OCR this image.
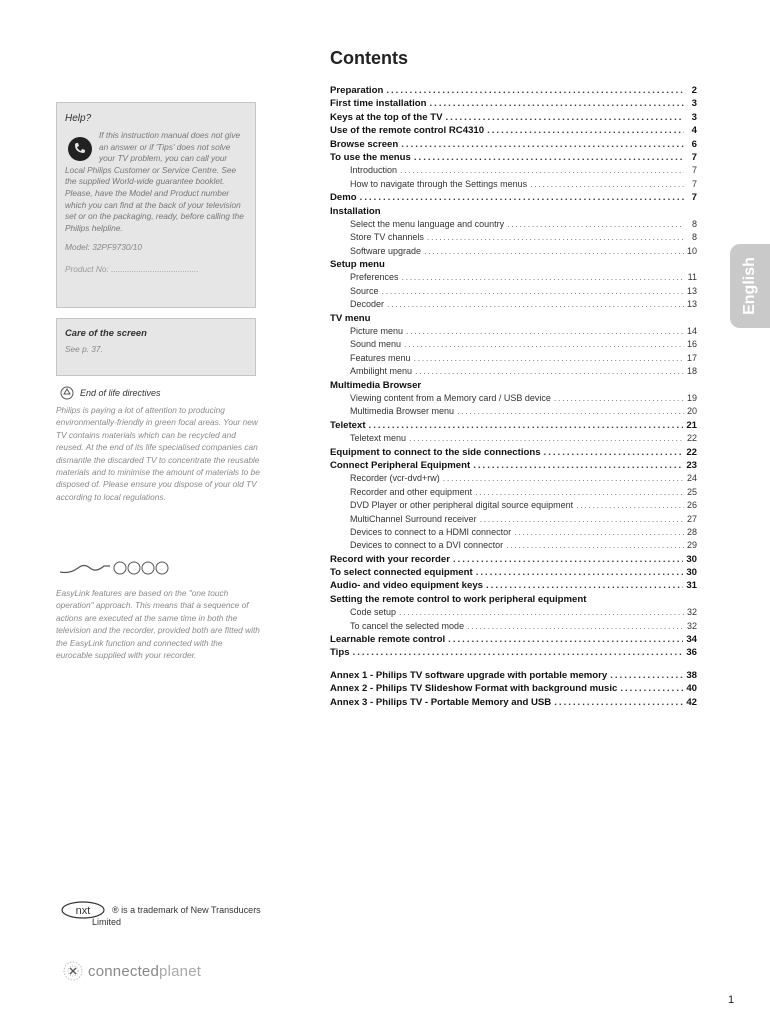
Help?
If this instruction manual does not give an answer or if 'Tips' does not solve your TV problem, you can call your Local Philips Customer or Service Centre. See the supplied World-wide guarantee booklet. Please, have the Model and Product number which you can find at the back of your television set or on the packaging, ready, before calling the Philips helpline.
Model: 32PF9730/10
Product No: ......................................
Care of the screen
See p. 37.
End of life directives
Philips is paying a lot of attention to producing environmentally-friendly in green focal areas. Your new TV contains materials which can be recycled and reused. At the end of its life specialised companies can dismantle the discarded TV to concentrate the reusable materials and to minimise the amount of materials to be disposed of. Please ensure you dispose of your old TV according to local regulations.
EasyLink features are based on the "one touch operation" approach. This means that a sequence of actions are executed at the same time in both the television and the recorder, provided both are fitted with the EasyLink function and connected with the eurocable supplied with your recorder.
nxt ® is a trademark of New Transducers
Limited
connectedplanet
Contents
Preparation .....	2
First time installation .....	3
Keys at the top of the TV .....	3
Use of the remote control RC4310 .....	4
Browse screen .....	6
To use the menus .....	7
Introduction .....	7
How to navigate through the Settings menus .....	7
Demo .....	7
Installation
Select the menu language and country .....	8
Store TV channels .....	8
Software upgrade .....	10
Setup menu
Preferences .....	11
Source .....	13
Decoder .....	13
TV menu
Picture menu .....	14
Sound menu .....	16
Features menu .....	17
Ambilight menu .....	18
Multimedia Browser
Viewing content from a Memory card / USB device .....	19
Multimedia Browser menu .....	20
Teletext .....	21
Teletext menu .....	22
Equipment to connect to the side connections .....	22
Connect Peripheral Equipment .....	23
Recorder (vcr-dvd+rw) .....	24
Recorder and other equipment .....	25
DVD Player or other peripheral digital source equipment .....	26
MultiChannel Surround receiver .....	27
Devices to connect to a HDMI connector .....	28
Devices to connect to a DVI connector .....	29
Record with your recorder .....	30
To select connected equipment .....	30
Audio- and video equipment keys .....	31
Setting the remote control to work peripheral equipment
Code setup .....	32
To cancel the selected mode .....	32
Learnable remote control .....	34
Tips .....	36
Annex 1 - Philips TV software upgrade with portable memory .....	38
Annex 2 - Philips TV Slideshow Format with background music .....	40
Annex 3 - Philips TV - Portable Memory and USB .....	42
English
1
